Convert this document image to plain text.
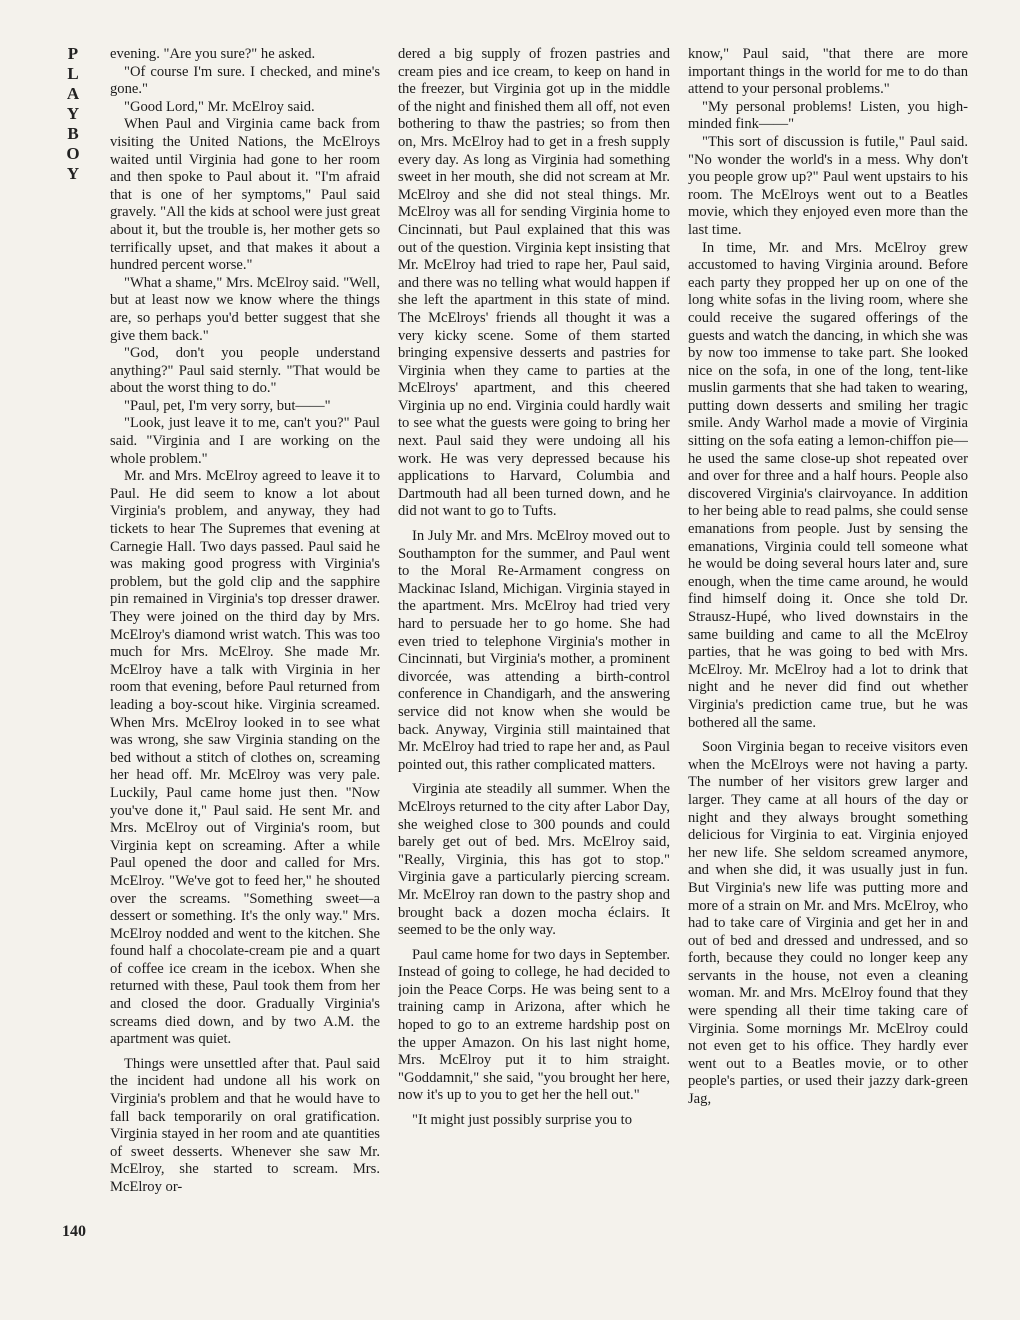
P
L
A
Y
B
O
Y

evening. "Are you sure?" he asked.

"Of course I'm sure. I checked, and mine's gone."

"Good Lord," Mr. McElroy said.

When Paul and Virginia came back from visiting the United Nations, the McElroys waited until Virginia had gone to her room and then spoke to Paul about it. "I'm afraid that is one of her symptoms," Paul said gravely. "All the kids at school were just great about it, but the trouble is, her mother gets so terrifically upset, and that makes it about a hundred percent worse."

"What a shame," Mrs. McElroy said. "Well, but at least now we know where the things are, so perhaps you'd better suggest that she give them back."

"God, don't you people understand anything?" Paul said sternly. "That would be about the worst thing to do."

"Paul, pet, I'm very sorry, but——"

"Look, just leave it to me, can't you?" Paul said. "Virginia and I are working on the whole problem."

Mr. and Mrs. McElroy agreed to leave it to Paul. He did seem to know a lot about Virginia's problem, and anyway, they had tickets to hear The Supremes that evening at Carnegie Hall. Two days passed. Paul said he was making good progress with Virginia's problem, but the gold clip and the sapphire pin remained in Virginia's top dresser drawer. They were joined on the third day by Mrs. McElroy's diamond wrist watch. This was too much for Mrs. McElroy. She made Mr. McElroy have a talk with Virginia in her room that evening, before Paul returned from leading a boy-scout hike. Virginia screamed. When Mrs. McElroy looked in to see what was wrong, she saw Virginia standing on the bed without a stitch of clothes on, screaming her head off. Mr. McElroy was very pale. Luckily, Paul came home just then. "Now you've done it," Paul said. He sent Mr. and Mrs. McElroy out of Virginia's room, but Virginia kept on screaming. After a while Paul opened the door and called for Mrs. McElroy. "We've got to feed her," he shouted over the screams. "Something sweet—a dessert or something. It's the only way." Mrs. McElroy nodded and went to the kitchen. She found half a chocolate-cream pie and a quart of coffee ice cream in the icebox. When she returned with these, Paul took them from her and closed the door. Gradually Virginia's screams died down, and by two A.M. the apartment was quiet.

Things were unsettled after that. Paul said the incident had undone all his work on Virginia's problem and that he would have to fall back temporarily on oral gratification. Virginia stayed in her room and ate quantities of sweet desserts. Whenever she saw Mr. McElroy, she started to scream. Mrs. McElroy or-

dered a big supply of frozen pastries and cream pies and ice cream, to keep on hand in the freezer, but Virginia got up in the middle of the night and finished them all off, not even bothering to thaw the pastries; so from then on, Mrs. McElroy had to get in a fresh supply every day. As long as Virginia had something sweet in her mouth, she did not scream at Mr. McElroy and she did not steal things. Mr. McElroy was all for sending Virginia home to Cincinnati, but Paul explained that this was out of the question. Virginia kept insisting that Mr. McElroy had tried to rape her, Paul said, and there was no telling what would happen if she left the apartment in this state of mind. The McElroys' friends all thought it was a very kicky scene. Some of them started bringing expensive desserts and pastries for Virginia when they came to parties at the McElroys' apartment, and this cheered Virginia up no end. Virginia could hardly wait to see what the guests were going to bring her next. Paul said they were undoing all his work. He was very depressed because his applications to Harvard, Columbia and Dartmouth had all been turned down, and he did not want to go to Tufts.

In July Mr. and Mrs. McElroy moved out to Southampton for the summer, and Paul went to the Moral Re-Armament congress on Mackinac Island, Michigan. Virginia stayed in the apartment. Mrs. McElroy had tried very hard to persuade her to go home. She had even tried to telephone Virginia's mother in Cincinnati, but Virginia's mother, a prominent divorcée, was attending a birth-control conference in Chandigarh, and the answering service did not know when she would be back. Anyway, Virginia still maintained that Mr. McElroy had tried to rape her and, as Paul pointed out, this rather complicated matters.

Virginia ate steadily all summer. When the McElroys returned to the city after Labor Day, she weighed close to 300 pounds and could barely get out of bed. Mrs. McElroy said, "Really, Virginia, this has got to stop." Virginia gave a particularly piercing scream. Mr. McElroy ran down to the pastry shop and brought back a dozen mocha éclairs. It seemed to be the only way.

Paul came home for two days in September. Instead of going to college, he had decided to join the Peace Corps. He was being sent to a training camp in Arizona, after which he hoped to go to an extreme hardship post on the upper Amazon. On his last night home, Mrs. McElroy put it to him straight. "Goddamnit," she said, "you brought her here, now it's up to you to get her the hell out."

"It might just possibly surprise you to

know," Paul said, "that there are more important things in the world for me to do than attend to your personal problems."

"My personal problems! Listen, you high-minded fink——"

"This sort of discussion is futile," Paul said. "No wonder the world's in a mess. Why don't you people grow up?" Paul went upstairs to his room. The McElroys went out to a Beatles movie, which they enjoyed even more than the last time.

In time, Mr. and Mrs. McElroy grew accustomed to having Virginia around. Before each party they propped her up on one of the long white sofas in the living room, where she could receive the sugared offerings of the guests and watch the dancing, in which she was by now too immense to take part. She looked nice on the sofa, in one of the long, tent-like muslin garments that she had taken to wearing, putting down desserts and smiling her tragic smile. Andy Warhol made a movie of Virginia sitting on the sofa eating a lemon-chiffon pie—he used the same close-up shot repeated over and over for three and a half hours. People also discovered Virginia's clairvoyance. In addition to her being able to read palms, she could sense emanations from people. Just by sensing the emanations, Virginia could tell someone what he would be doing several hours later and, sure enough, when the time came around, he would find himself doing it. Once she told Dr. Strausz-Hupé, who lived downstairs in the same building and came to all the McElroy parties, that he was going to bed with Mrs. McElroy. Mr. McElroy had a lot to drink that night and he never did find out whether Virginia's prediction came true, but he was bothered all the same.

Soon Virginia began to receive visitors even when the McElroys were not having a party. The number of her visitors grew larger and larger. They came at all hours of the day or night and they always brought something delicious for Virginia to eat. Virginia enjoyed her new life. She seldom screamed anymore, and when she did, it was usually just in fun. But Virginia's new life was putting more and more of a strain on Mr. and Mrs. McElroy, who had to take care of Virginia and get her in and out of bed and dressed and undressed, and so forth, because they could no longer keep any servants in the house, not even a cleaning woman. Mr. and Mrs. McElroy found that they were spending all their time taking care of Virginia. Some mornings Mr. McElroy could not even get to his office. They hardly ever went out to a Beatles movie, or to other people's parties, or used their jazzy dark-green Jag,

140
